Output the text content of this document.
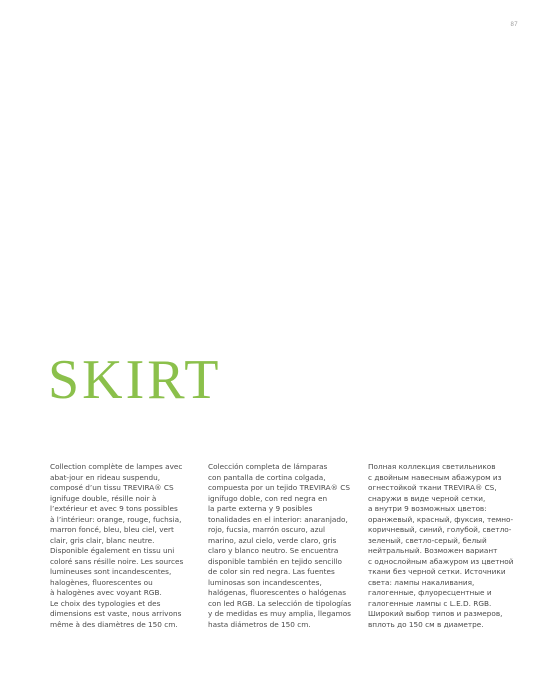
87
SKIRT

Collection complète de lampes avec
abat-jour en rideau suspendu,
composé d’un tissu TREVIRA® CS
ignifuge double, résille noir à
l’extérieur et avec 9 tons possibles
à l’intérieur: orange, rouge, fuchsia,
marron foncé, bleu, bleu ciel, vert
clair, gris clair, blanc neutre.
Disponible également en tissu uni
coloré sans résille noire. Les sources
lumineuses sont incandescentes,
halogènes, fluorescentes ou
à halogènes avec voyant RGB.
Le choix des typologies et des
dimensions est vaste, nous arrivons
même à des diamètres de 150 cm.

Colección completa de lámparas
con pantalla de cortina colgada,
compuesta por un tejido TREVIRA® CS
ignífugo doble, con red negra en
la parte externa y 9 posibles
tonalidades en el interior: anaranjado,
rojo, fucsia, marrón oscuro, azul
marino, azul cielo, verde claro, gris
claro y blanco neutro. Se encuentra
disponible también en tejido sencillo
de color sin red negra. Las fuentes
luminosas son incandescentes,
halógenas, fluorescentes o halógenas
con led RGB. La selección de tipologías
y de medidas es muy amplia, llegamos
hasta diámetros de 150 cm.

Полная коллекция светильников
с двойным навесным абажуром из
огнестойкой ткани TREVIRA® CS,
снаружи в виде черной сетки,
а внутри 9 возможных цветов:
оранжевый, красный, фуксия, темно-
коричневый, синий, голубой, светло-
зеленый, светло-серый, белый
нейтральный. Возможен вариант
с однослойным абажуром из цветной
ткани без черной сетки. Источники
света: лампы накаливания,
галогенные, флуоресцентные и
галогенные лампы с L.E.D. RGB.
Широкий выбор типов и размеров,
вплоть до 150 см в диаметре.
